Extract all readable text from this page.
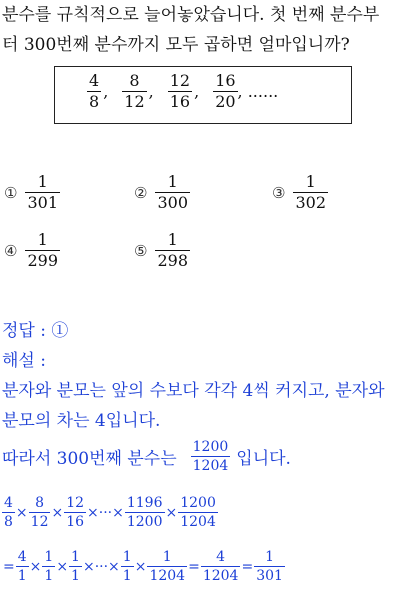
분수를 규칙적으로 늘어놓았습니다. 첫 번째 분수부
터 300번째 분수까지 모두 곱하면 얼마입니까?
$\frac{4}{8}$ , $\frac{8}{12}$ , $\frac{12}{16}$ , $\frac{16}{20}$ , ......
① $\frac{1}{301}$	② $\frac{1}{300}$	③ $\frac{1}{302}$
④ $\frac{1}{299}$	⑤ $\frac{1}{298}$
정답 : ①
해설 :
분자와 분모는 앞의 수보다 각각 4씩 커지고, 분자와
분모의 차는 4입니다.
따라서 300번째 분수는 $\frac{1200}{1204}$ 입니다.
$\frac{4}{8} \times \frac{8}{12} \times \frac{12}{16}$ ×···× $\frac{1196}{1200} \times \frac{1200}{1204}$
= $\frac{4}{1} \times \frac{1}{1} \times \frac{1}{1}$ ×···× $\frac{1}{1} \times \frac{1}{1204} = \frac{4}{1204} = \frac{1}{301}$
